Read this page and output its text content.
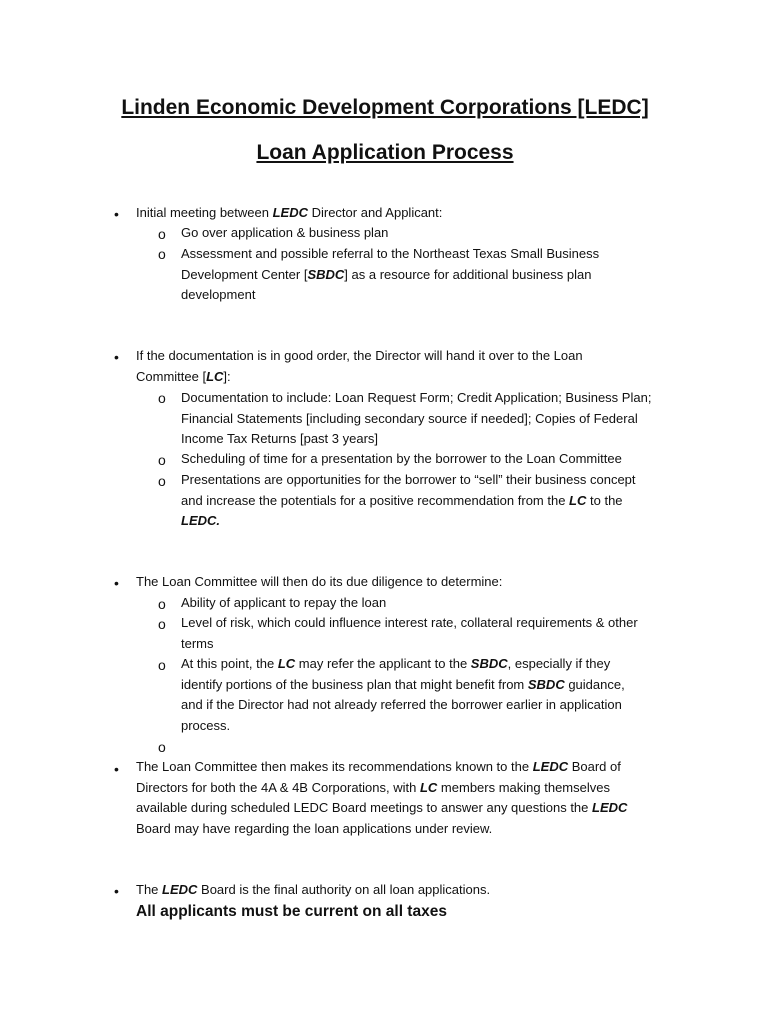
Linden Economic Development Corporations [LEDC]
Loan Application Process
• Initial meeting between LEDC Director and Applicant:
o Go over application & business plan
o Assessment and possible referral to the Northeast Texas Small Business
Development Center [SBDC] as a resource for additional business plan
development
• If the documentation is in good order, the Director will hand it over to the Loan
Committee [LC]:
o Documentation to include: Loan Request Form; Credit Application; Business Plan;
Financial Statements [including secondary source if needed]; Copies of Federal
Income Tax Returns [past 3 years]
o Scheduling of time for a presentation by the borrower to the Loan Committee
o Presentations are opportunities for the borrower to “sell” their business concept
and increase the potentials for a positive recommendation from the LC to the
LEDC.
• The Loan Committee will then do its due diligence to determine:
o Ability of applicant to repay the loan
o Level of risk, which could influence interest rate, collateral requirements & other
terms
o At this point, the LC may refer the applicant to the SBDC, especially if they
identify portions of the business plan that might benefit from SBDC guidance,
and if the Director had not already referred the borrower earlier in application
process.
o
• The Loan Committee then makes its recommendations known to the LEDC Board of
Directors for both the 4A & 4B Corporations, with LC members making themselves
available during scheduled LEDC Board meetings to answer any questions the LEDC
Board may have regarding the loan applications under review.
• The LEDC Board is the final authority on all loan applications.
All applicants must be current on all taxes
